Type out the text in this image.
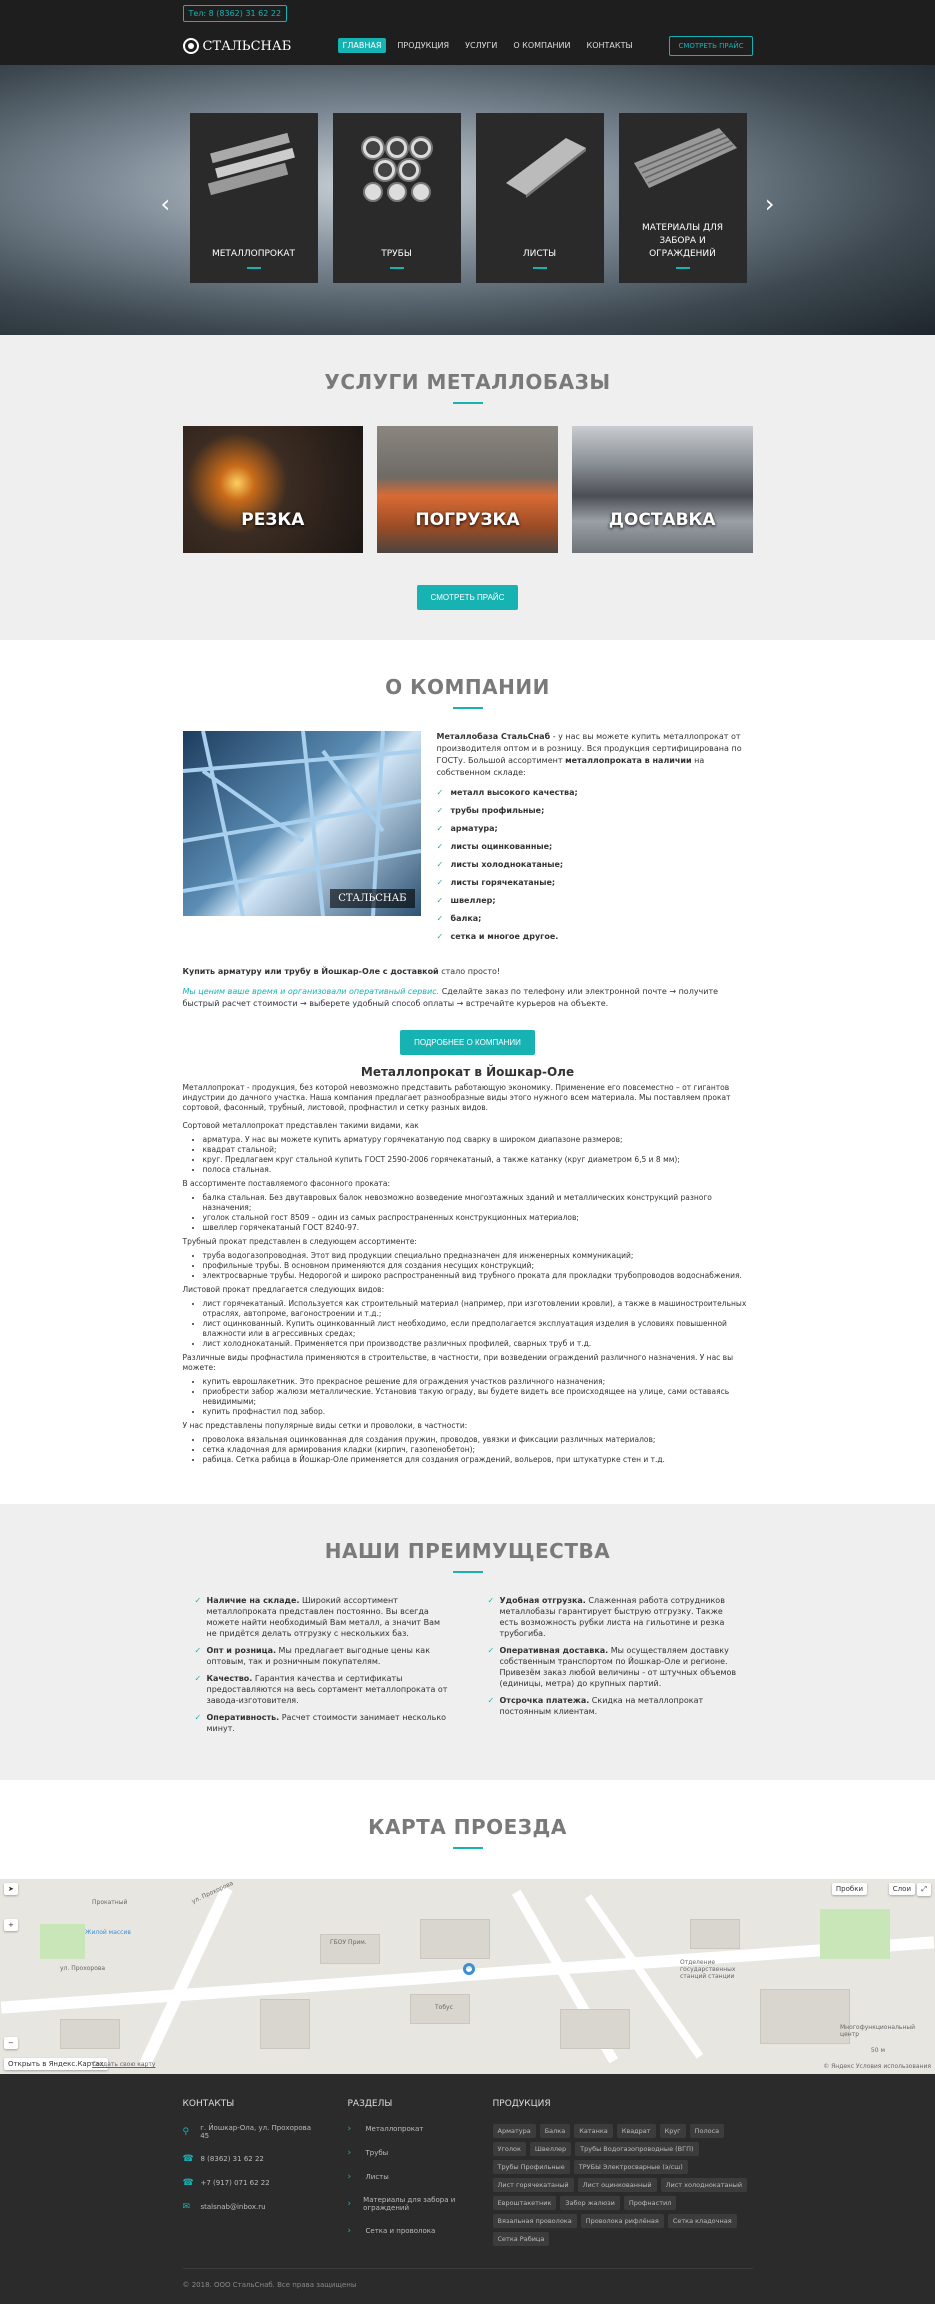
Тел: 8 (8362) 31 62 22
СТАЛЬСНАБ	ГЛАВНАЯ	ПРОДУКЦИЯ	УСЛУГИ	О КОМПАНИИ	КОНТАКТЫ	СМОТРЕТЬ ПРАЙС
‹	›
МЕТАЛЛОПРОКАТ	ТРУБЫ	ЛИСТЫ
МАТЕРИАЛЫ ДЛЯ ЗАБОРА И ОГРАЖДЕНИЙ
УСЛУГИ МЕТАЛЛОБАЗЫ
РЕЗКА	ПОГРУЗКА	ДОСТАВКА
СМОТРЕТЬ ПРАЙС
О КОМПАНИИ
СТАЛЬСНАБ

Металлобаза СтальСнаб - у нас вы можете купить металлопрокат от производителя оптом и в розницу. Вся продукция сертифицирована по ГОСТу. Большой ассортимент металлопроката в наличии на собственном складе:

✓ металл высокого качества;
✓ трубы профильные;
✓ арматура;
✓ листы оцинкованные;
✓ листы холоднокатаные;
✓ листы горячекатаные;
✓ швеллер;
✓ балка;
✓ сетка и многое другое.
Купить арматуру или трубу в Йошкар-Оле с доставкой стало просто!
Мы ценим ваше время и организовали оперативный сервис. Сделайте заказ по телефону или электронной почте → получите быстрый расчет стоимости → выберете удобный способ оплаты → встречайте курьеров на объекте.
ПОДРОБНЕЕ О КОМПАНИИ
Металлопрокат в Йошкар-Оле

Металлопрокат - продукция, без которой невозможно представить работающую экономику. Применение его повсеместно – от гигантов индустрии до дачного участка. Наша компания предлагает разнообразные виды этого нужного всем материала. Мы поставляем прокат сортовой, фасонный, трубный, листовой, профнастил и сетку разных видов.

Сортовой металлопрокат представлен такими видами, как

• арматура. У нас вы можете купить арматуру горячекатаную под сварку в широком диапазоне размеров;
• квадрат стальной;
• круг. Предлагаем круг стальной купить ГОСТ 2590-2006 горячекатаный, а также катанку (круг диаметром 6,5 и 8 мм);
• полоса стальная.

В ассортименте поставляемого фасонного проката:

• балка стальная. Без двутавровых балок невозможно возведение многоэтажных зданий и металлических конструкций разного назначения;
• уголок стальной гост 8509 – один из самых распространенных конструкционных материалов;
• швеллер горячекатаный ГОСТ 8240-97.

Трубный прокат представлен в следующем ассортименте:

• труба водогазопроводная. Этот вид продукции специально предназначен для инженерных коммуникаций;
• профильные трубы. В основном применяются для создания несущих конструкций;
• электросварные трубы. Недорогой и широко распространенный вид трубного проката для прокладки трубопроводов водоснабжения.

Листовой прокат предлагается следующих видов:

• лист горячекатаный. Используется как строительный материал (например, при изготовлении кровли), а также в машиностроительных отраслях, автопроме, вагоностроении и т.д.;
• лист оцинкованный. Купить оцинкованный лист необходимо, если предполагается эксплуатация изделия в условиях повышенной влажности или в агрессивных средах;
• лист холоднокатаный. Применяется при производстве различных профилей, сварных труб и т.д.

Различные виды профнастила применяются в строительстве, в частности, при возведении ограждений различного назначения. У нас вы можете:

• купить еврошлакетник. Это прекрасное решение для ограждения участков различного назначения;
• приобрести забор жалюзи металлические. Установив такую ограду, вы будете видеть все происходящее на улице, сами оставаясь невидимыми;
• купить профнастил под забор.

У нас представлены популярные виды сетки и проволоки, в частности:

• проволока вязальная оцинкованная для создания пружин, проводов, увязки и фиксации различных материалов;
• сетка кладочная для армирования кладки (кирпич, газопенобетон);
• рабица. Сетка рабица в Йошкар-Оле применяется для создания ограждений, вольеров, при штукатурке стен и т.д.
НАШИ ПРЕИМУЩЕСТВА
✓ Наличие на складе. Широкий ассортимент металлопроката представлен постоянно. Вы всегда можете найти необходимый Вам металл, а значит Вам не придётся делать отгрузку с нескольких баз.
✓ Опт и розница. Мы предлагает выгодные цены как оптовым, так и розничным покупателям.
✓ Качество. Гарантия качества и сертификаты предоставляются на весь сортамент металлопроката от завода-изготовителя.
✓ Оперативность. Расчет стоимости занимает несколько минут.
✓ Удобная отгрузка. Слаженная работа сотрудников металлобазы гарантирует быструю отгрузку. Также есть возможность рубки листа на гильотине и резка трубогиба.
✓ Оперативная доставка. Мы осуществляем доставку собственным транспортом по Йошкар-Оле и регионе. Привезём заказ любой величины - от штучных объемов (единицы, метра) до крупных партий.
✓ Отсрочка платежа. Скидка на металлопрокат постоянным клиентам.
КАРТА ПРОЕЗДА
Прокатный
Жилой массив
ул. Прохорова
ул. Прохорова
ГБОУ Прим.
Тобус
Отделение государственных станций станции
Многофункциональный центр
➤
+
−
Пробки	Слои	⤢
Открыть в Яндекс.Картах
Создать свою карту
50 м
© Яндекс Условия использования
КОНТАКТЫ
⚲ г. Йошкар-Ола, ул. Прохорова 45
☎ 8 (8362) 31 62 22
☎ +7 (917) 071 62 22
✉ stalsnab@inbox.ru
РАЗДЕЛЫ
›	Металлопрокат
›	Трубы
›	Листы
› Материалы для забора и ограждений
›	Сетка и проволока
ПРОДУКЦИЯ
Арматура	Балка	Катанка	Квадрат	Круг	Полоса
Уголок	Швеллер	Трубы Водогазопроводные (ВГП)
Трубы Профильные	ТРУБЫ Электросварные (э/сш)
Лист горячекатаный	Лист оцинкованный	Лист холоднокатаный
Евроштакетник	Забор жалюзи	Профнастил
Вязальная проволока	Проволока рифлёная	Сетка кладочная
Сетка Рабица
© 2018. ООО СтальСнаб. Все права защищены
